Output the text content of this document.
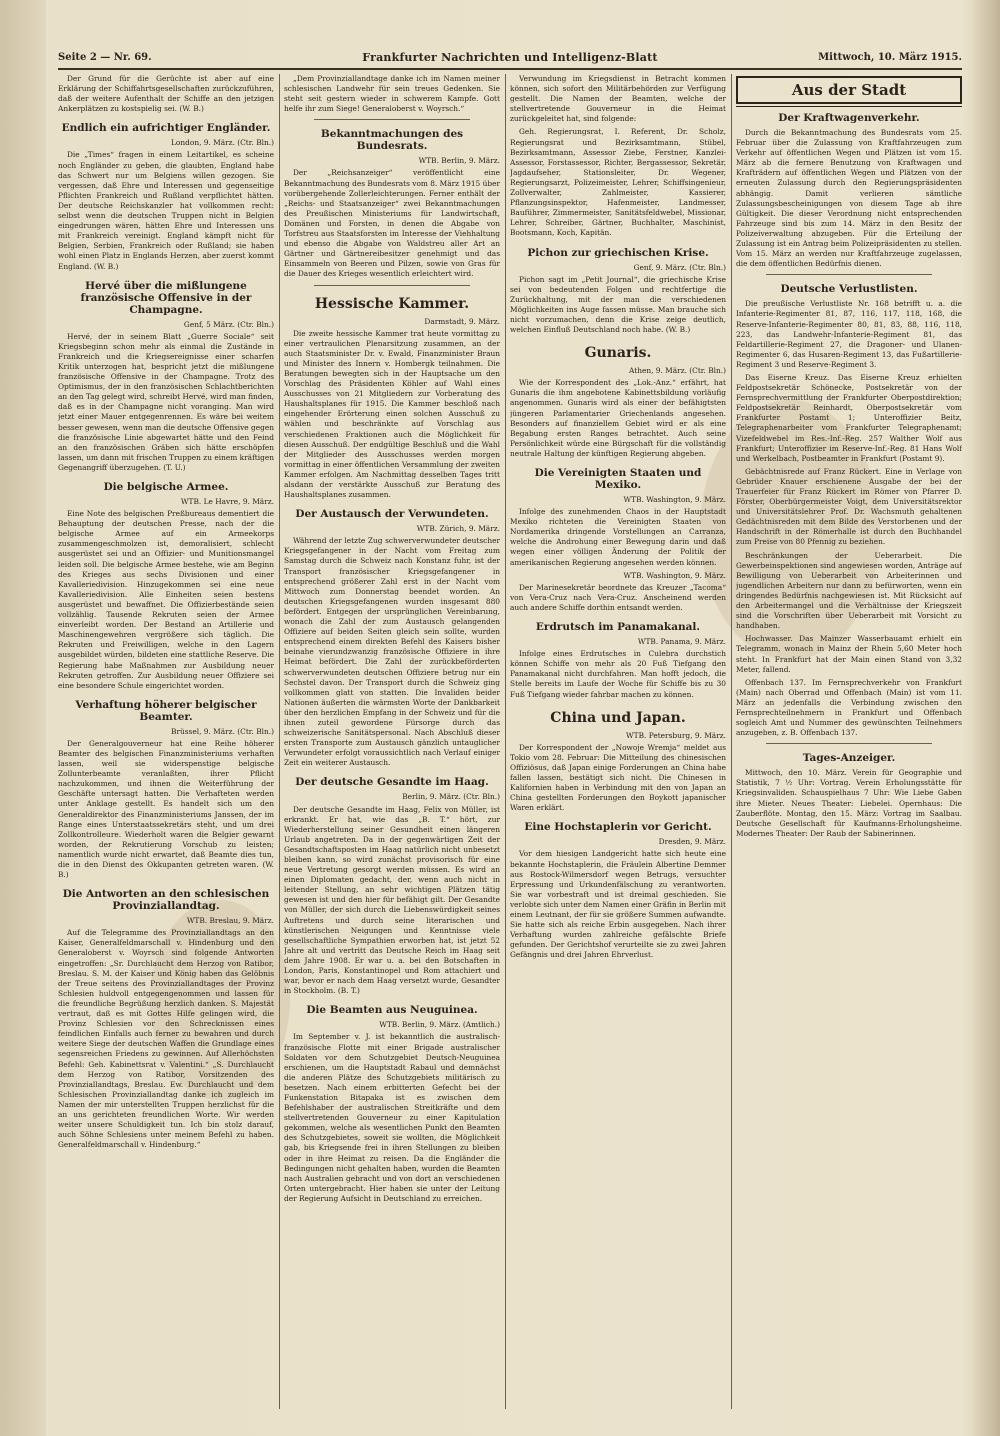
Seite 2 — Nr. 69.	Frankfurter Nachrichten und Intelligenz-Blatt	Mittwoch, 10. März 1915.

Der Grund für die Gerüchte ist aber auf eine Erklärung der Schiffahrtsgesellschaften zurückzuführen, daß der weitere Aufenthalt der Schiffe an den jetzigen Ankerplätzen zu kostspielig sei. (W. B.)

Endlich ein aufrichtiger Engländer.

London, 9. März. (Ctr. Bln.)

Die „Times“ fragen in einem Leitartikel, es scheine noch Engländer zu geben, die glaubten, England habe das Schwert nur um Belgiens willen gezogen. Sie vergessen, daß Ehre und Interessen und gegenseitige Pflichten Frankreich und Rußland verpflichtet hätten. Der deutsche Reichskanzler hat vollkommen recht: selbst wenn die deutschen Truppen nicht in Belgien eingedrungen wären, hätten Ehre und Interessen uns mit Frankreich vereinigt. England kämpft nicht für Belgien, Serbien, Frankreich oder Rußland; sie haben wohl einen Platz in Englands Herzen, aber zuerst kommt England. (W. B.)

Hervé über die mißlungene französische Offensive in der Champagne.

Genf, 5 März. (Ctr. Bln.)

Hervé, der in seinem Blatt „Guerre Sociale“ seit Kriegsbeginn schon mehr als einmal die Zustände in Frankreich und die Kriegsereignisse einer scharfen Kritik unterzogen hat, bespricht jetzt die mißlungene französische Offensive in der Champagne. Trotz des Optimismus, der in den französischen Schlachtberichten an den Tag gelegt wird, schreibt Hervé, wird man finden, daß es in der Champagne nicht voranging. Man wird jetzt einer Mauer entgegenrennen. Es wäre bei weitem besser gewesen, wenn man die deutsche Offensive gegen die französische Linie abgewartet hätte und den Feind an den französischen Gräben sich hätte erschöpfen lassen, um dann mit frischen Truppen zu einem kräftigen Gegenangriff überzugehen. (T. U.)

Die belgische Armee.

WTB. Le Havre, 9. März.

Eine Note des belgischen Preßbureaus dementiert die Behauptung der deutschen Presse, nach der die belgische Armee auf ein Armeekorps zusammengeschmolzen ist, demoralisiert, schlecht ausgerüstet sei und an Offizier- und Munitionsmangel leiden soll. Die belgische Armee bestehe, wie am Beginn des Krieges aus sechs Divisionen und einer Kavalleriedivision. Hinzugekommen sei eine neue Kavalleriedivision. Alle Einheiten seien bestens ausgerüstet und bewaffnet. Die Offizierbestände seien vollzählig. Tausende Rekruten seien der Armee einverleibt worden. Der Bestand an Artillerie und Maschinengewehren vergrößere sich täglich. Die Rekruten und Freiwilligen, welche in den Lagern ausgebildet würden, bildeten eine stattliche Reserve. Die Regierung habe Maßnahmen zur Ausbildung neuer Rekruten getroffen. Zur Ausbildung neuer Offiziere sei eine besondere Schule eingerichtet worden.

Verhaftung höherer belgischer Beamter.

Brüssel, 9. März. (Ctr. Bln.)

Der Generalgouverneur hat eine Reihe höherer Beamter des belgischen Finanzministeriums verhaften lassen, weil sie widerspenstige belgische Zollunterbeamte veranlaßten, ihrer Pflicht nachzukommen, und ihnen die Weiterführung der Geschäfte untersagt hatten. Die Verhafteten werden unter Anklage gestellt. Es handelt sich um den Generaldirektor des Finanzministeriums Janssen, der im Range eines Unterstaatssekretärs steht, und um drei Zollkontrolleure. Wiederholt waren die Belgier gewarnt worden, der Rekrutierung Vorschub zu leisten; namentlich wurde nicht erwartet, daß Beamte dies tun, die in den Dienst des Okkupanten getreten waren. (W. B.)

Die Antworten an den schlesischen Provinziallandtag.

WTB. Breslau, 9. März.

Auf die Telegramme des Provinziallandtags an den Kaiser, Generalfeldmarschall v. Hindenburg und den Generaloberst v. Woyrsch sind folgende Antworten eingetroffen: „Sr. Durchlaucht dem Herzog von Ratibor, Breslau. S. M. der Kaiser und König haben das Gelöbnis der Treue seitens des Provinziallandtages der Provinz Schlesien huldvoll entgegengenommen und lassen für die freundliche Begrüßung herzlich danken. S. Majestät vertraut, daß es mit Gottes Hilfe gelingen wird, die Provinz Schlesien vor den Schrecknissen eines feindlichen Einfalls auch ferner zu bewahren und durch weitere Siege der deutschen Waffen die Grundlage eines segensreichen Friedens zu gewinnen. Auf Allerhöchsten Befehl: Geh. Kabinettsrat v. Valentini.“ „S. Durchlaucht dem Herzog von Ratibor, Vorsitzenden des Provinziallandtags, Breslau. Ew. Durchlaucht und dem Schlesischen Provinziallandtag danke ich zugleich im Namen der mir unterstellten Truppen herzlichst für die an uns gerichteten freundlichen Worte. Wir werden weiter unsere Schuldigkeit tun. Ich bin stolz darauf, auch Söhne Schlesiens unter meinem Befehl zu haben. Generalfeldmarschall v. Hindenburg.“

„Dem Provinziallandtage danke ich im Namen meiner schlesischen Landwehr für sein treues Gedenken. Sie steht seit gestern wieder in schwerem Kampfe. Gott helfe ihr zum Siege! Generaloberst v. Woyrsch.“

Bekanntmachungen des Bundesrats.

WTB. Berlin, 9. März.

Der „Reichsanzeiger“ veröffentlicht eine Bekanntmachung des Bundesrats vom 8. März 1915 über vorübergehende Zollerleichterungen. Ferner enthält der „Reichs- und Staatsanzeiger“ zwei Bekanntmachungen des Preußischen Ministeriums für Landwirtschaft, Domänen und Forsten, in denen die Abgabe von Torfstreu aus Staatsforsten im Interesse der Viehhaltung und ebenso die Abgabe von Waldstreu aller Art an Gärtner und Gärtnereibesitzer genehmigt und das Einsammeln von Beeren und Pilzen, sowie von Gras für die Dauer des Krieges wesentlich erleichtert wird.

Hessische Kammer.

Darmstadt, 9. März.

Die zweite hessische Kammer trat heute vormittag zu einer vertraulichen Plenarsitzung zusammen, an der auch Staatsminister Dr. v. Ewald, Finanzminister Braun und Minister des Innern v. Hombergk teilnahmen. Die Beratungen bewegten sich in der Hauptsache um den Vorschlag des Präsidenten Köhler auf Wahl eines Ausschusses von 21 Mitgliedern zur Vorberatung des Haushaltsplanes für 1915. Die Kammer beschloß nach eingehender Erörterung einen solchen Ausschuß zu wählen und beschränkte auf Vorschlag aus verschiedenen Fraktionen auch die Möglichkeit für diesen Ausschuß. Der endgültige Beschluß und die Wahl der Mitglieder des Ausschusses werden morgen vormittag in einer öffentlichen Versammlung der zweiten Kammer erfolgen. Am Nachmittag desselben Tages tritt alsdann der verstärkte Ausschuß zur Beratung des Haushaltsplanes zusammen.

Der Austausch der Verwundeten.

WTB. Zürich, 9. März.

Während der letzte Zug schwerverwundeter deutscher Kriegsgefangener in der Nacht vom Freitag zum Samstag durch die Schweiz nach Konstanz fuhr, ist der Transport französischer Kriegsgefangener in entsprechend größerer Zahl erst in der Nacht vom Mittwoch zum Donnerstag beendet worden. An deutschen Kriegsgefangenen wurden insgesamt 880 befördert. Entgegen der ursprünglichen Vereinbarung, wonach die Zahl der zum Austausch gelangenden Offiziere auf beiden Seiten gleich sein sollte, wurden entsprechend einem direkten Befehl des Kaisers bisher beinahe vierundzwanzig französische Offiziere in ihre Heimat befördert. Die Zahl der zurückbeförderten schwerverwundeten deutschen Offiziere betrug nur ein Sechstel davon. Der Transport durch die Schweiz ging vollkommen glatt von statten. Die Invaliden beider Nationen äußerten die wärmsten Worte der Dankbarkeit über den herzlichen Empfang in der Schweiz und für die ihnen zuteil gewordene Fürsorge durch das schweizerische Sanitätspersonal. Nach Abschluß dieser ersten Transporte zum Austausch gänzlich untauglicher Verwundeter erfolgt voraussichtlich nach Verlauf einiger Zeit ein weiterer Austausch.

Der deutsche Gesandte im Haag.

Berlin, 9. März. (Ctr. Bln.)

Der deutsche Gesandte im Haag, Felix von Müller, ist erkrankt. Er hat, wie das „B. T.“ hört, zur Wiederherstellung seiner Gesundheit einen längeren Urlaub angetreten. Da in der gegenwärtigen Zeit der Gesandtschaftsposten im Haag natürlich nicht unbesetzt bleiben kann, so wird zunächst provisorisch für eine neue Vertretung gesorgt werden müssen. Es wird an einen Diplomaten gedacht, der, wenn auch nicht in leitender Stellung, an sehr wichtigen Plätzen tätig gewesen ist und den hier für befähigt gilt. Der Gesandte von Müller, der sich durch die Liebenswürdigkeit seines Auftretens und durch seine literarischen und künstlerischen Neigungen und Kenntnisse viele gesellschaftliche Sympathien erworben hat, ist jetzt 52 Jahre alt und vertritt das Deutsche Reich im Haag seit dem Jahre 1908. Er war u. a. bei den Botschaften in London, Paris, Konstantinopel und Rom attachiert und war, bevor er nach dem Haag versetzt wurde, Gesandter in Stockholm. (B. T.)

Die Beamten aus Neuguinea.

WTB. Berlin, 9. März. (Amtlich.)

Im September v. J. ist bekanntlich die australisch-französische Flotte mit einer Brigade australischer Soldaten vor dem Schutzgebiet Deutsch-Neuguinea erschienen, um die Hauptstadt Rabaul und demnächst die anderen Plätze des Schutzgebiets militärisch zu besetzen. Nach einem erbitterten Gefecht bei der Funkenstation Bitapaka ist es zwischen dem Befehlshaber der australischen Streitkräfte und dem stellvertretenden Gouverneur zu einer Kapitulation gekommen, welche als wesentlichen Punkt den Beamten des Schutzgebietes, soweit sie wollten, die Möglichkeit gab, bis Kriegsende frei in ihren Stellungen zu bleiben oder in ihre Heimat zu reisen. Da die Engländer die Bedingungen nicht gehalten haben, wurden die Beamten nach Australien gebracht und von dort an verschiedenen Orten untergebracht. Hier haben sie unter der Leitung der Regierung Aufsicht in Deutschland zu erreichen.

Verwundung im Kriegsdienst in Betracht kommen können, sich sofort den Militärbehörden zur Verfügung gestellt. Die Namen der Beamten, welche der stellvertretende Gouverneur in die Heimat zurückgeleitet hat, sind folgende:

Geh. Regierungsrat, I. Referent, Dr. Scholz, Regierungsrat und Bezirksamtmann, Stübel, Bezirksamtmann, Assessor Ziebe, Ferstner, Kanzlei-Assessor, Forstassessor, Richter, Bergassessor, Sekretär, Jagdaufseher, Stationsleiter, Dr. Wegener, Regierungsarzt, Polizeimeister, Lehrer, Schiffsingenieur, Zollverwalter, Zahlmeister, Kassierer, Pflanzungsinspektor, Hafenmeister, Landmesser, Bauführer, Zimmermeister, Sanitätsfeldwebel, Missionar, Lehrer, Schreiber, Gärtner, Buchhalter, Maschinist, Bootsmann, Koch, Kapitän.

Pichon zur griechischen Krise.

Genf, 9. März. (Ctr. Bln.)

Pichon sagt im „Petit Journal“, die griechische Krise sei von bedeutenden Folgen und rechtfertige die Zurückhaltung, mit der man die verschiedenen Möglichkeiten ins Auge fassen müsse. Man brauche sich nicht vorzumachen, denn die Krise zeige deutlich, welchen Einfluß Deutschland noch habe. (W. B.)

Gunaris.

Athen, 9. März. (Ctr. Bln.)

Wie der Korrespondent des „Lok.-Anz.“ erfährt, hat Gunaris die ihm angebotene Kabinettsbildung vorläufig angenommen. Gunaris wird als einer der befähigtsten jüngeren Parlamentarier Griechenlands angesehen. Besonders auf finanziellem Gebiet wird er als eine Begabung ersten Ranges betrachtet. Auch seine Persönlichkeit würde eine Bürgschaft für die vollständig neutrale Haltung der künftigen Regierung abgeben.

Die Vereinigten Staaten und Mexiko.

WTB. Washington, 9. März.

Infolge des zunehmenden Chaos in der Hauptstadt Mexiko richteten die Vereinigten Staaten von Nordamerika dringende Vorstellungen an Carranza, welche die Androhung einer Bewegung darin und daß wegen einer völligen Änderung der Politik der amerikanischen Regierung angesehen werden können.

WTB. Washington, 9. März.

Der Marinesekretär beordnete das Kreuzer „Tacoma“ von Vera-Cruz nach Vera-Cruz. Anscheinend werden auch andere Schiffe dorthin entsandt werden.

Erdrutsch im Panamakanal.

WTB. Panama, 9. März.

Infolge eines Erdrutsches in Culebra durchstich können Schiffe von mehr als 20 Fuß Tiefgang den Panamakanal nicht durchfahren. Man hofft jedoch, die Stelle bereits im Laufe der Woche für Schiffe bis zu 30 Fuß Tiefgang wieder fahrbar machen zu können.

China und Japan.

WTB. Petersburg, 9. März.

Der Korrespondent der „Nowoje Wremja“ meldet aus Tokio vom 28. Februar: Die Mitteilung des chinesischen Offiziösus, daß Japan einige Forderungen an China habe fallen lassen, bestätigt sich nicht. Die Chinesen in Kalifornien haben in Verbindung mit den von Japan an China gestellten Forderungen den Boykott japanischer Waren erklärt.

Eine Hochstaplerin vor Gericht.

Dresden, 9. März.

Vor dem hiesigen Landgericht hatte sich heute eine bekannte Hochstaplerin, die Fräulein Albertine Demmer aus Rostock-Wilmersdorf wegen Betrugs, versuchter Erpressung und Urkundenfälschung zu verantworten. Sie war vorbestraft und ist dreimal geschieden. Sie verlobte sich unter dem Namen einer Gräfin in Berlin mit einem Leutnant, der für sie größere Summen aufwandte. Sie hatte sich als reiche Erbin ausgegeben. Nach ihrer Verhaftung wurden zahlreiche gefälschte Briefe gefunden. Der Gerichtshof verurteilte sie zu zwei Jahren Gefängnis und drei Jahren Ehrverlust.

Aus der Stadt
Der Kraftwagenverkehr.

Durch die Bekanntmachung des Bundesrats vom 25. Februar über die Zulassung von Kraftfahrzeugen zum Verkehr auf öffentlichen Wegen und Plätzen ist vom 15. März ab die fernere Benutzung von Kraftwagen und Krafträdern auf öffentlichen Wegen und Plätzen von der erneuten Zulassung durch den Regierungspräsidenten abhängig. Damit verlieren sämtliche Zulassungsbescheinigungen von diesem Tage ab ihre Gültigkeit. Die dieser Verordnung nicht entsprechenden Fahrzeuge sind bis zum 14. März in den Besitz der Polizeiverwaltung abzugeben. Für die Erteilung der Zulassung ist ein Antrag beim Polizeipräsidenten zu stellen. Vom 15. März an werden nur Kraftfahrzeuge zugelassen, die dem öffentlichen Bedürfnis dienen.

Deutsche Verlustlisten.

Die preußische Verlustliste Nr. 168 betrifft u. a. die Infanterie-Regimenter 81, 87, 116, 117, 118, 168, die Reserve-Infanterie-Regimenter 80, 81, 83, 88, 116, 118, 223, das Landwehr-Infanterie-Regiment 81, das Feldartillerie-Regiment 27, die Dragoner- und Ulanen-Regimenter 6, das Husaren-Regiment 13, das Fußartillerie-Regiment 3 und Reserve-Regiment 3.

Das Eiserne Kreuz. Das Eiserne Kreuz erhielten Feldpostsekretär Schönecke, Postsekretär von der Fernsprechvermittlung der Frankfurter Oberpostdirektion; Feldpostsekretär Reinhardt, Oberpostsekretär vom Frankfurter Postamt 1; Unteroffizier Beitz, Telegraphenarbeiter vom Frankfurter Telegraphenamt; Vizefeldwebel im Res.-Inf.-Reg. 257 Walther Wolf aus Frankfurt; Unteroffizier im Reserve-Inf.-Reg. 81 Hans Wolf und Werkelbach, Postbeamter in Frankfurt (Postamt 9).

Gebächtnisrede auf Franz Rückert. Eine in Verlage von Gebrüder Knauer erschienene Ausgabe der bei der Trauerfeier für Franz Rückert im Römer von Pfarrer D. Förster, Oberbürgermeister Voigt, dem Universitätsrektor und Universitätslehrer Prof. Dr. Wachsmuth gehaltenen Gedächtnisreden mit dem Bilde des Verstorbenen und der Handschrift in der Römerhalle ist durch den Buchhandel zum Preise von 80 Pfennig zu beziehen.

Beschränkungen der Ueberarbeit. Die Gewerbeinspektionen sind angewiesen worden, Anträge auf Bewilligung von Ueberarbeit von Arbeiterinnen und jugendlichen Arbeitern nur dann zu befürworten, wenn ein dringendes Bedürfnis nachgewiesen ist. Mit Rücksicht auf den Arbeitermangel und die Verhältnisse der Kriegszeit sind die Vorschriften über Ueberarbeit mit Vorsicht zu handhaben.

Hochwasser. Das Mainzer Wasserbauamt erhielt ein Telegramm, wonach in Mainz der Rhein 5,60 Meter hoch steht. In Frankfurt hat der Main einen Stand von 3,32 Meter, fallend.

Offenbach 137. Im Fernsprechverkehr von Frankfurt (Main) nach Oberrad und Offenbach (Main) ist vom 11. März an jedenfalls die Verbindung zwischen den Fernsprechteilnehmern in Frankfurt und Offenbach sogleich Amt und Nummer des gewünschten Teilnehmers anzugeben, z. B. Offenbach 137.

Tages-Anzeiger.

Mittwoch, den 10. März. Verein für Geographie und Statistik, 7 ½ Uhr: Vortrag. Verein Erholungsstätte für Kriegsinvaliden. Schauspielhaus 7 Uhr: Wie Liebe Gaben ihre Mieter. Neues Theater: Liebelei. Opernhaus: Die Zauberflöte. Montag, den 15. März: Vortrag im Saalbau. Deutsche Gesellschaft für Kaufmanns-Erholungsheime. Modernes Theater: Der Raub der Sabinerinnen.
